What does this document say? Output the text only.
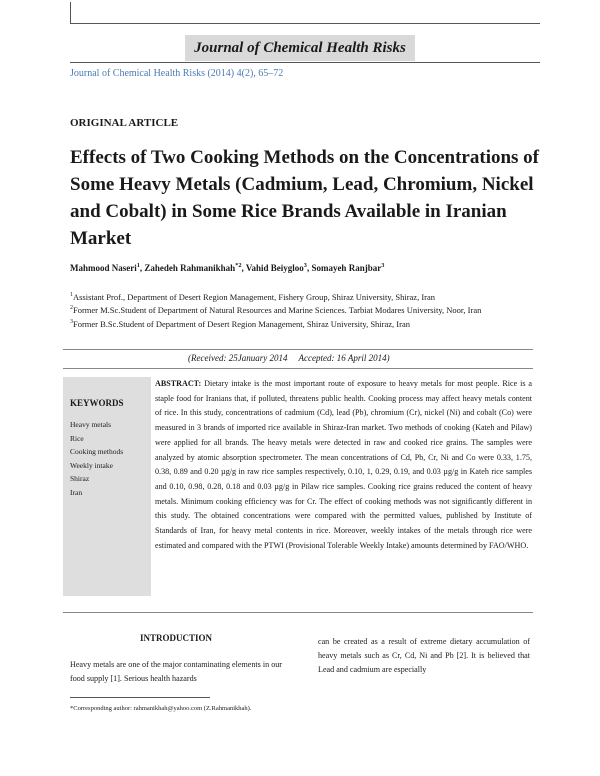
Journal of Chemical Health Risks
Journal of Chemical Health Risks (2014) 4(2), 65–72
ORIGINAL ARTICLE
Effects of Two Cooking Methods on the Concentrations of Some Heavy Metals (Cadmium, Lead, Chromium, Nickel and Cobalt) in Some Rice Brands Available in Iranian Market
Mahmood Naseri$^1$, Zahedeh Rahmanikhah$^{*2}$, Vahid Beiygloo$^3$, Somayeh Ranjbar$^3$
$^1$Assistant Prof., Department of Desert Region Management, Fishery Group, Shiraz University, Shiraz, Iran
$^2$Former M.Sc.Student of Department of Natural Resources and Marine Sciences. Tarbiat Modares University, Noor, Iran
$^3$Former B.Sc.Student of Department of Desert Region Management, Shiraz University, Shiraz, Iran
(Received: 25January 2014     Accepted: 16 April 2014)
KEYWORDS
Heavy metals
Rice
Cooking methods
Weekly intake
Shiraz
Iran
ABSTRACT: Dietary intake is the most important route of exposure to heavy metals for most people. Rice is a staple food for Iranians that, if polluted, threatens public health. Cooking process may affect heavy metals content of rice. In this study, concentrations of cadmium (Cd), lead (Pb), chromium (Cr), nickel (Ni) and cobalt (Co) were measured in 3 brands of imported rice available in Shiraz-Iran market. Two methods of cooking (Kateh and Pilaw) were applied for all brands. The heavy metals were detected in raw and cooked rice grains. The samples were analyzed by atomic absorption spectrometer. The mean concentrations of Cd, Pb, Cr, Ni and Co were 0.33, 1.75, 0.38, 0.89 and 0.20 µg/g in raw rice samples respectively, 0.10, 1, 0.29, 0.19, and 0.03 µg/g in Kateh rice samples and 0.10, 0.98, 0.28, 0.18 and 0.03 µg/g in Pilaw rice samples. Cooking rice grains reduced the content of heavy metals. Minimum cooking efficiency was for Cr. The effect of cooking methods was not significantly different in this study. The obtained concentrations were compared with the permitted values, published by Institute of Standards of Iran, for heavy metal contents in rice. Moreover, weekly intakes of the metals through rice were estimated and compared with the PTWI (Provisional Tolerable Weekly Intake) amounts determined by FAO/WHO.
INTRODUCTION
Heavy metals are one of the major contaminating elements in our food supply [1]. Serious health hazards
can be created as a result of extreme dietary accumulation of heavy metals such as Cr, Cd, Ni and Pb [2]. It is believed that Lead and cadmium are especially
*Corresponding author: rahmanikhah@yahoo.com (Z.Rahmanikhah).
